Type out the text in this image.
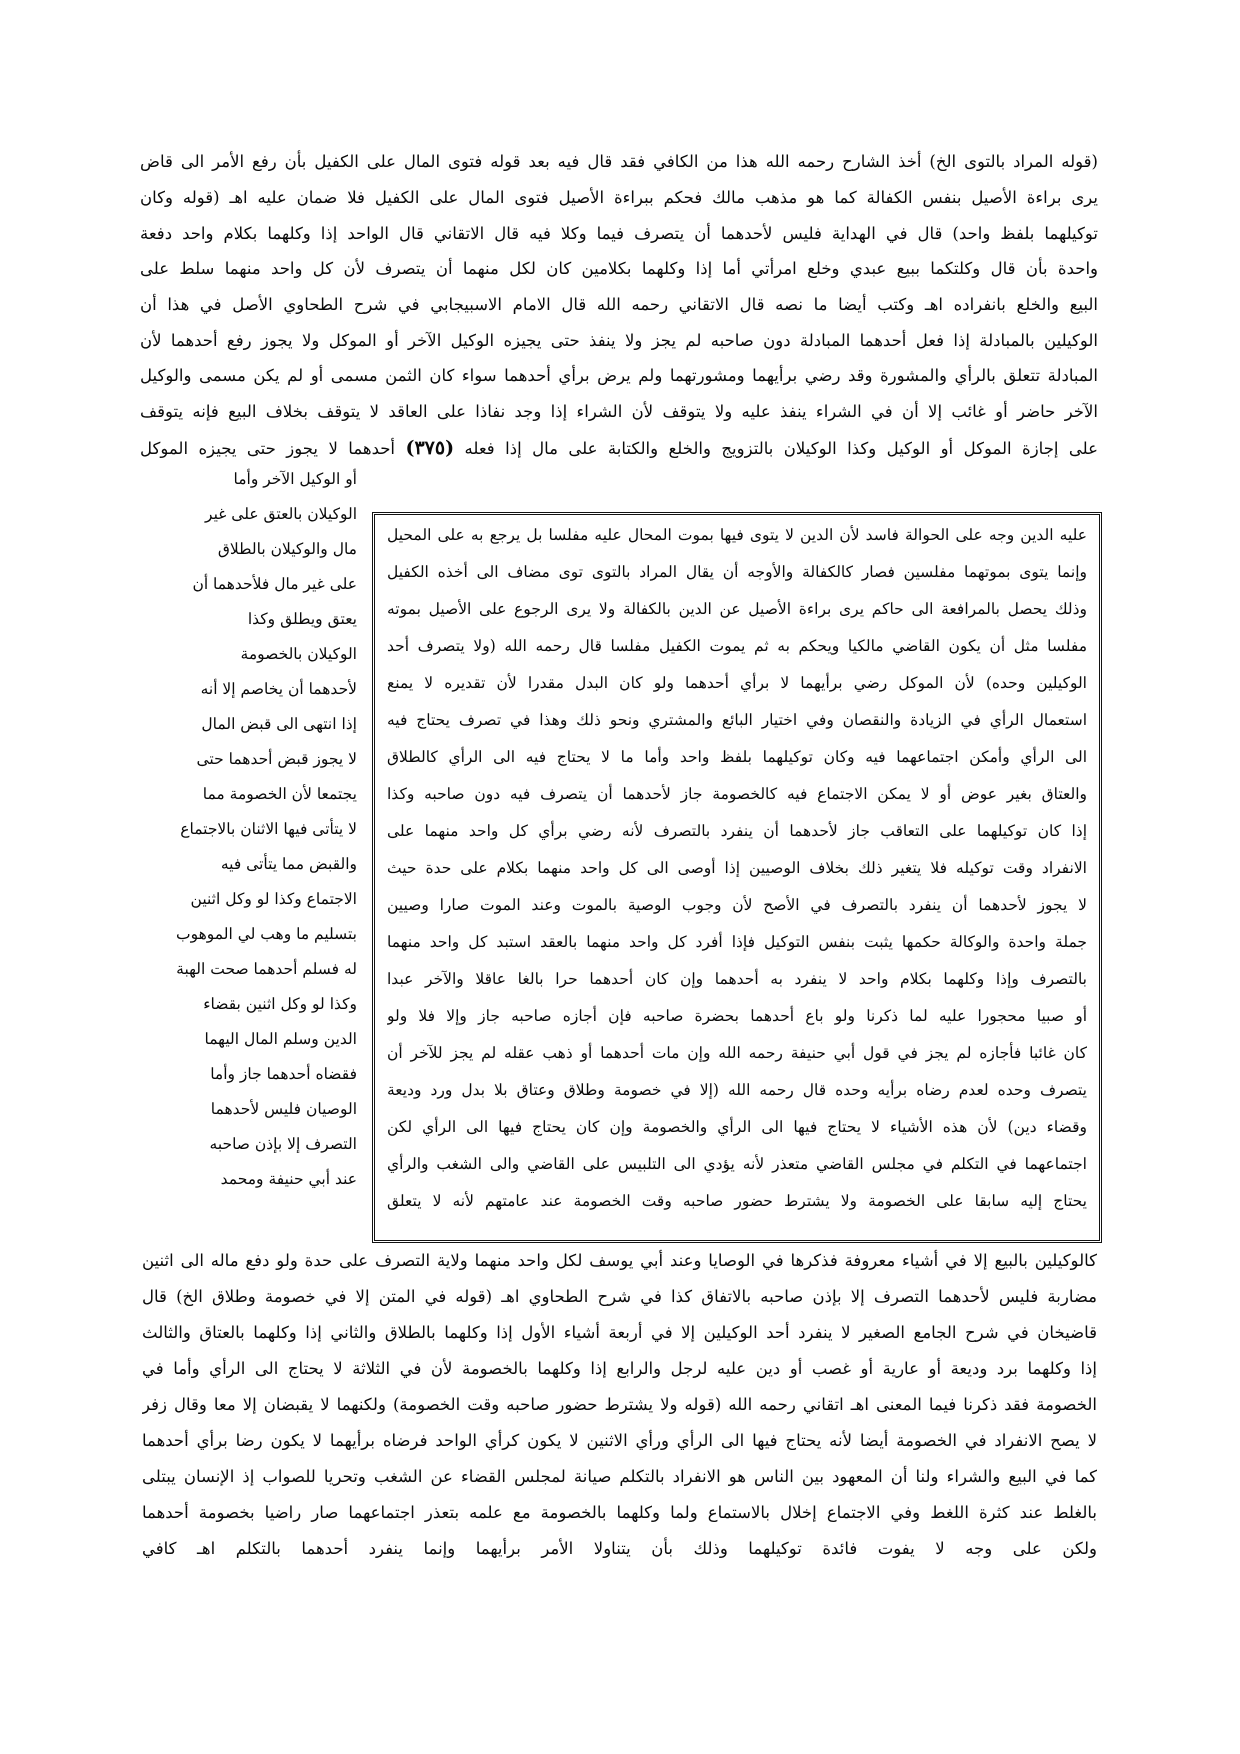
(قوله المراد بالتوى الخ) أخذ الشارح رحمه الله هذا من الكافي فقد قال فيه بعد قوله فتوى المال على الكفيل بأن رفع الأمر الى قاض
يرى براءة الأصيل بنفس الكفالة كما هو مذهب مالك فحكم ببراءة الأصيل فتوى المال على الكفيل فلا ضمان عليه اهـ (قوله وكان
توكيلهما بلفظ واحد) قال في الهداية فليس لأحدهما أن يتصرف فيما وكلا فيه قال الاتقاني قال الواحد إذا وكلهما بكلام واحد دفعة
واحدة بأن قال وكلتكما ببيع عبدي وخلع امرأتي أما إذا وكلهما بكلامين كان لكل منهما أن يتصرف لأن كل واحد منهما سلط على
البيع والخلع بانفراده اهـ وكتب أيضا ما نصه قال الاتقاني رحمه الله قال الامام الاسبيجابي في شرح الطحاوي الأصل في هذا أن
الوكيلين بالمبادلة إذا فعل أحدهما المبادلة دون صاحبه لم يجز ولا ينفذ حتى يجيزه الوكيل الآخر أو الموكل ولا يجوز رفع أحدهما لأن
المبادلة تتعلق بالرأي والمشورة وقد رضي برأيهما ومشورتهما ولم يرض برأي أحدهما سواء كان الثمن مسمى أو لم يكن مسمى والوكيل
الآخر حاضر أو غائب إلا أن في الشراء ينفذ عليه ولا يتوقف لأن الشراء إذا وجد نفاذا على العاقد لا يتوقف بخلاف البيع فإنه يتوقف
على إجازة الموكل أو الوكيل وكذا الوكيلان بالتزويج والخلع والكتابة على مال إذا فعله (٣٧٥) أحدهما لا يجوز حتى يجيزه الموكل
عليه الدين وجه على الحوالة فاسد لأن الدين لا يتوى فيها بموت المحال عليه مفلسا بل يرجع به على المحيل
وإنما يتوى بموتهما مفلسين فصار كالكفالة والأوجه أن يقال المراد بالتوى توى مضاف الى أخذه الكفيل
وذلك يحصل بالمرافعة الى حاكم يرى براءة الأصيل عن الدين بالكفالة ولا يرى الرجوع على الأصيل بموته
مفلسا مثل أن يكون القاضي مالكيا ويحكم به ثم يموت الكفيل مفلسا قال رحمه الله (ولا يتصرف أحد
الوكيلين وحده) لأن الموكل رضي برأيهما لا برأي أحدهما ولو كان البدل مقدرا لأن تقديره لا يمنع
استعمال الرأي في الزيادة والنقصان وفي اختيار البائع والمشتري ونحو ذلك وهذا في تصرف يحتاج فيه
الى الرأي وأمكن اجتماعهما فيه وكان توكيلهما بلفظ واحد وأما ما لا يحتاج فيه الى الرأي كالطلاق
والعتاق بغير عوض أو لا يمكن الاجتماع فيه كالخصومة جاز لأحدهما أن يتصرف فيه دون صاحبه وكذا
إذا كان توكيلهما على التعاقب جاز لأحدهما أن ينفرد بالتصرف لأنه رضي برأي كل واحد منهما على
الانفراد وقت توكيله فلا يتغير ذلك بخلاف الوصيين إذا أوصى الى كل واحد منهما بكلام على حدة حيث
لا يجوز لأحدهما أن ينفرد بالتصرف في الأصح لأن وجوب الوصية بالموت وعند الموت صارا وصيين
جملة واحدة والوكالة حكمها يثبت بنفس التوكيل فإذا أفرد كل واحد منهما بالعقد استبد كل واحد منهما
بالتصرف وإذا وكلهما بكلام واحد لا ينفرد به أحدهما وإن كان أحدهما حرا بالغا عاقلا والآخر عبدا
أو صبيا محجورا عليه لما ذكرنا ولو باع أحدهما بحضرة صاحبه فإن أجازه صاحبه جاز وإلا فلا ولو
كان غائبا فأجازه لم يجز في قول أبي حنيفة رحمه الله وإن مات أحدهما أو ذهب عقله لم يجز للآخر أن
يتصرف وحده لعدم رضاه برأيه وحده قال رحمه الله (إلا في خصومة وطلاق وعتاق بلا بدل ورد وديعة
وقضاء دين) لأن هذه الأشياء لا يحتاج فيها الى الرأي والخصومة وإن كان يحتاج فيها الى الرأي لكن
اجتماعهما في التكلم في مجلس القاضي متعذر لأنه يؤدي الى التلبيس على القاضي والى الشغب والرأي
يحتاج إليه سابقا على الخصومة ولا يشترط حضور صاحبه وقت الخصومة عند عامتهم لأنه لا يتعلق
أو الوكيل الآخر وأما
الوكيلان بالعتق على غير
مال والوكيلان بالطلاق
على غير مال فلأحدهما أن
يعتق ويطلق وكذا
الوكيلان بالخصومة
لأحدهما أن يخاصم إلا أنه
إذا انتهى الى قبض المال
لا يجوز قبض أحدهما حتى
يجتمعا لأن الخصومة مما
لا يتأتى فيها الاثنان بالاجتماع
والقبض مما يتأتى فيه
الاجتماع وكذا لو وكل اثنين
بتسليم ما وهب لي الموهوب
له فسلم أحدهما صحت الهبة
وكذا لو وكل اثنين بقضاء
الدين وسلم المال اليهما
فقضاه أحدهما جاز وأما
الوصيان فليس لأحدهما
التصرف إلا بإذن صاحبه
عند أبي حنيفة ومحمد
كالوكيلين بالبيع إلا في أشياء معروفة فذكرها في الوصايا وعند أبي يوسف لكل واحد منهما ولاية التصرف على حدة ولو دفع ماله الى اثنين
مضاربة فليس لأحدهما التصرف إلا بإذن صاحبه بالاتفاق كذا في شرح الطحاوي اهـ (قوله في المتن إلا في خصومة وطلاق الخ) قال
قاضيخان في شرح الجامع الصغير لا ينفرد أحد الوكيلين إلا في أربعة أشياء الأول إذا وكلهما بالطلاق والثاني إذا وكلهما بالعتاق والثالث
إذا وكلهما برد وديعة أو عارية أو غصب أو دين عليه لرجل والرابع إذا وكلهما بالخصومة لأن في الثلاثة لا يحتاج الى الرأي وأما في
الخصومة فقد ذكرنا فيما المعنى اهـ اتقاني رحمه الله (قوله ولا يشترط حضور صاحبه وقت الخصومة) ولكنهما لا يقبضان إلا معا وقال زفر
لا يصح الانفراد في الخصومة أيضا لأنه يحتاج فيها الى الرأي ورأي الاثنين لا يكون كرأي الواحد فرضاه برأيهما لا يكون رضا برأي أحدهما
كما في البيع والشراء ولنا أن المعهود بين الناس هو الانفراد بالتكلم صيانة لمجلس القضاء عن الشغب وتحريا للصواب إذ الإنسان يبتلى
بالغلط عند كثرة اللغط وفي الاجتماع إخلال بالاستماع ولما وكلهما بالخصومة مع علمه بتعذر اجتماعهما صار راضيا بخصومة أحدهما
ولكن على وجه لا يفوت فائدة توكيلهما وذلك بأن يتناولا الأمر برأيهما وإنما ينفرد أحدهما بالتكلم اهـ كافي
